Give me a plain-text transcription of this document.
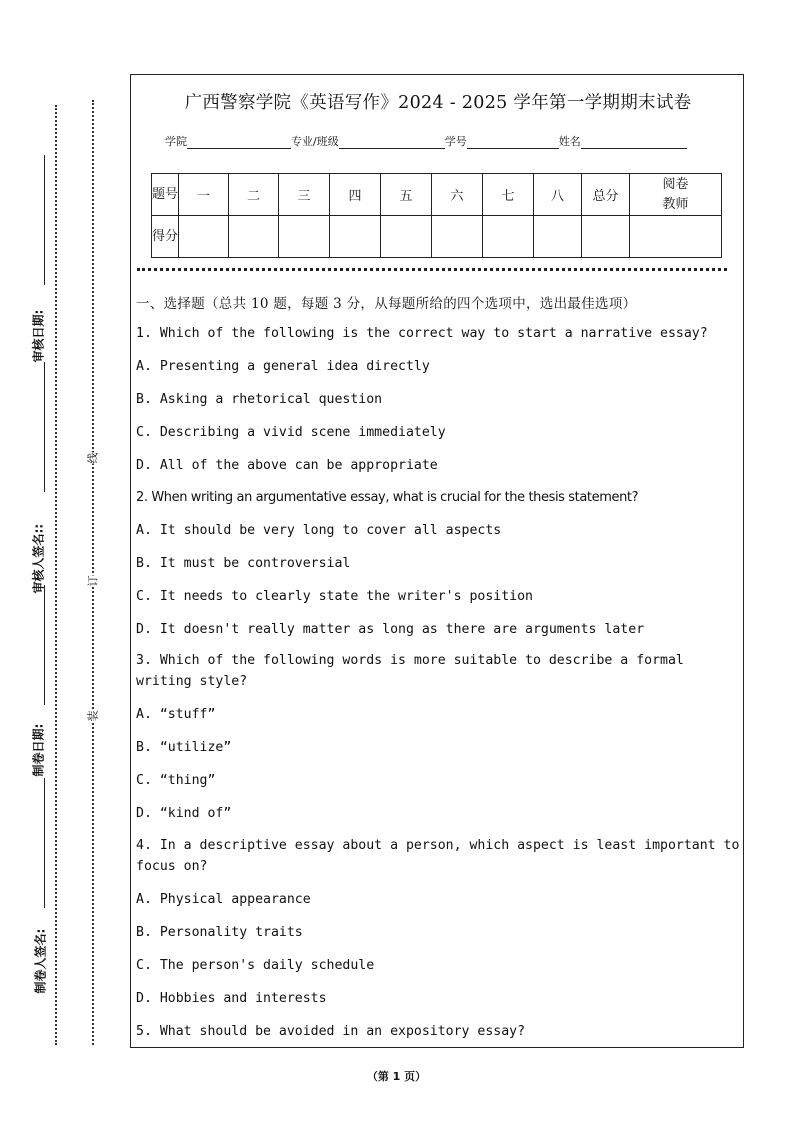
审核日期:
审核人签名::
制卷日期:
制卷人签名:
线
订
装
广西警察学院《英语写作》2024 - 2025 学年第一学期期末试卷
学院	专业/班级	学号	姓名
题号	一	二	三	四	五	六	七	八	总分	阅卷教师
得分										
一、选择题（总共 10 题，每题 3 分，从每题所给的四个选项中，选出最佳选项）
1. Which of the following is the correct way to start a narrative essay?
A. Presenting a general idea directly
B. Asking a rhetorical question
C. Describing a vivid scene immediately
D. All of the above can be appropriate
2. When writing an argumentative essay, what is crucial for the thesis statement?
A. It should be very long to cover all aspects
B. It must be controversial
C. It needs to clearly state the writer's position
D. It doesn't really matter as long as there are arguments later
3. Which of the following words is more suitable to describe a formal writing style?
A. “stuff”
B. “utilize”
C. “thing”
D. “kind of”
4. In a descriptive essay about a person, which aspect is least important to focus on?
A. Physical appearance
B. Personality traits
C. The person's daily schedule
D. Hobbies and interests
5. What should be avoided in an expository essay?
（第 1 页）
